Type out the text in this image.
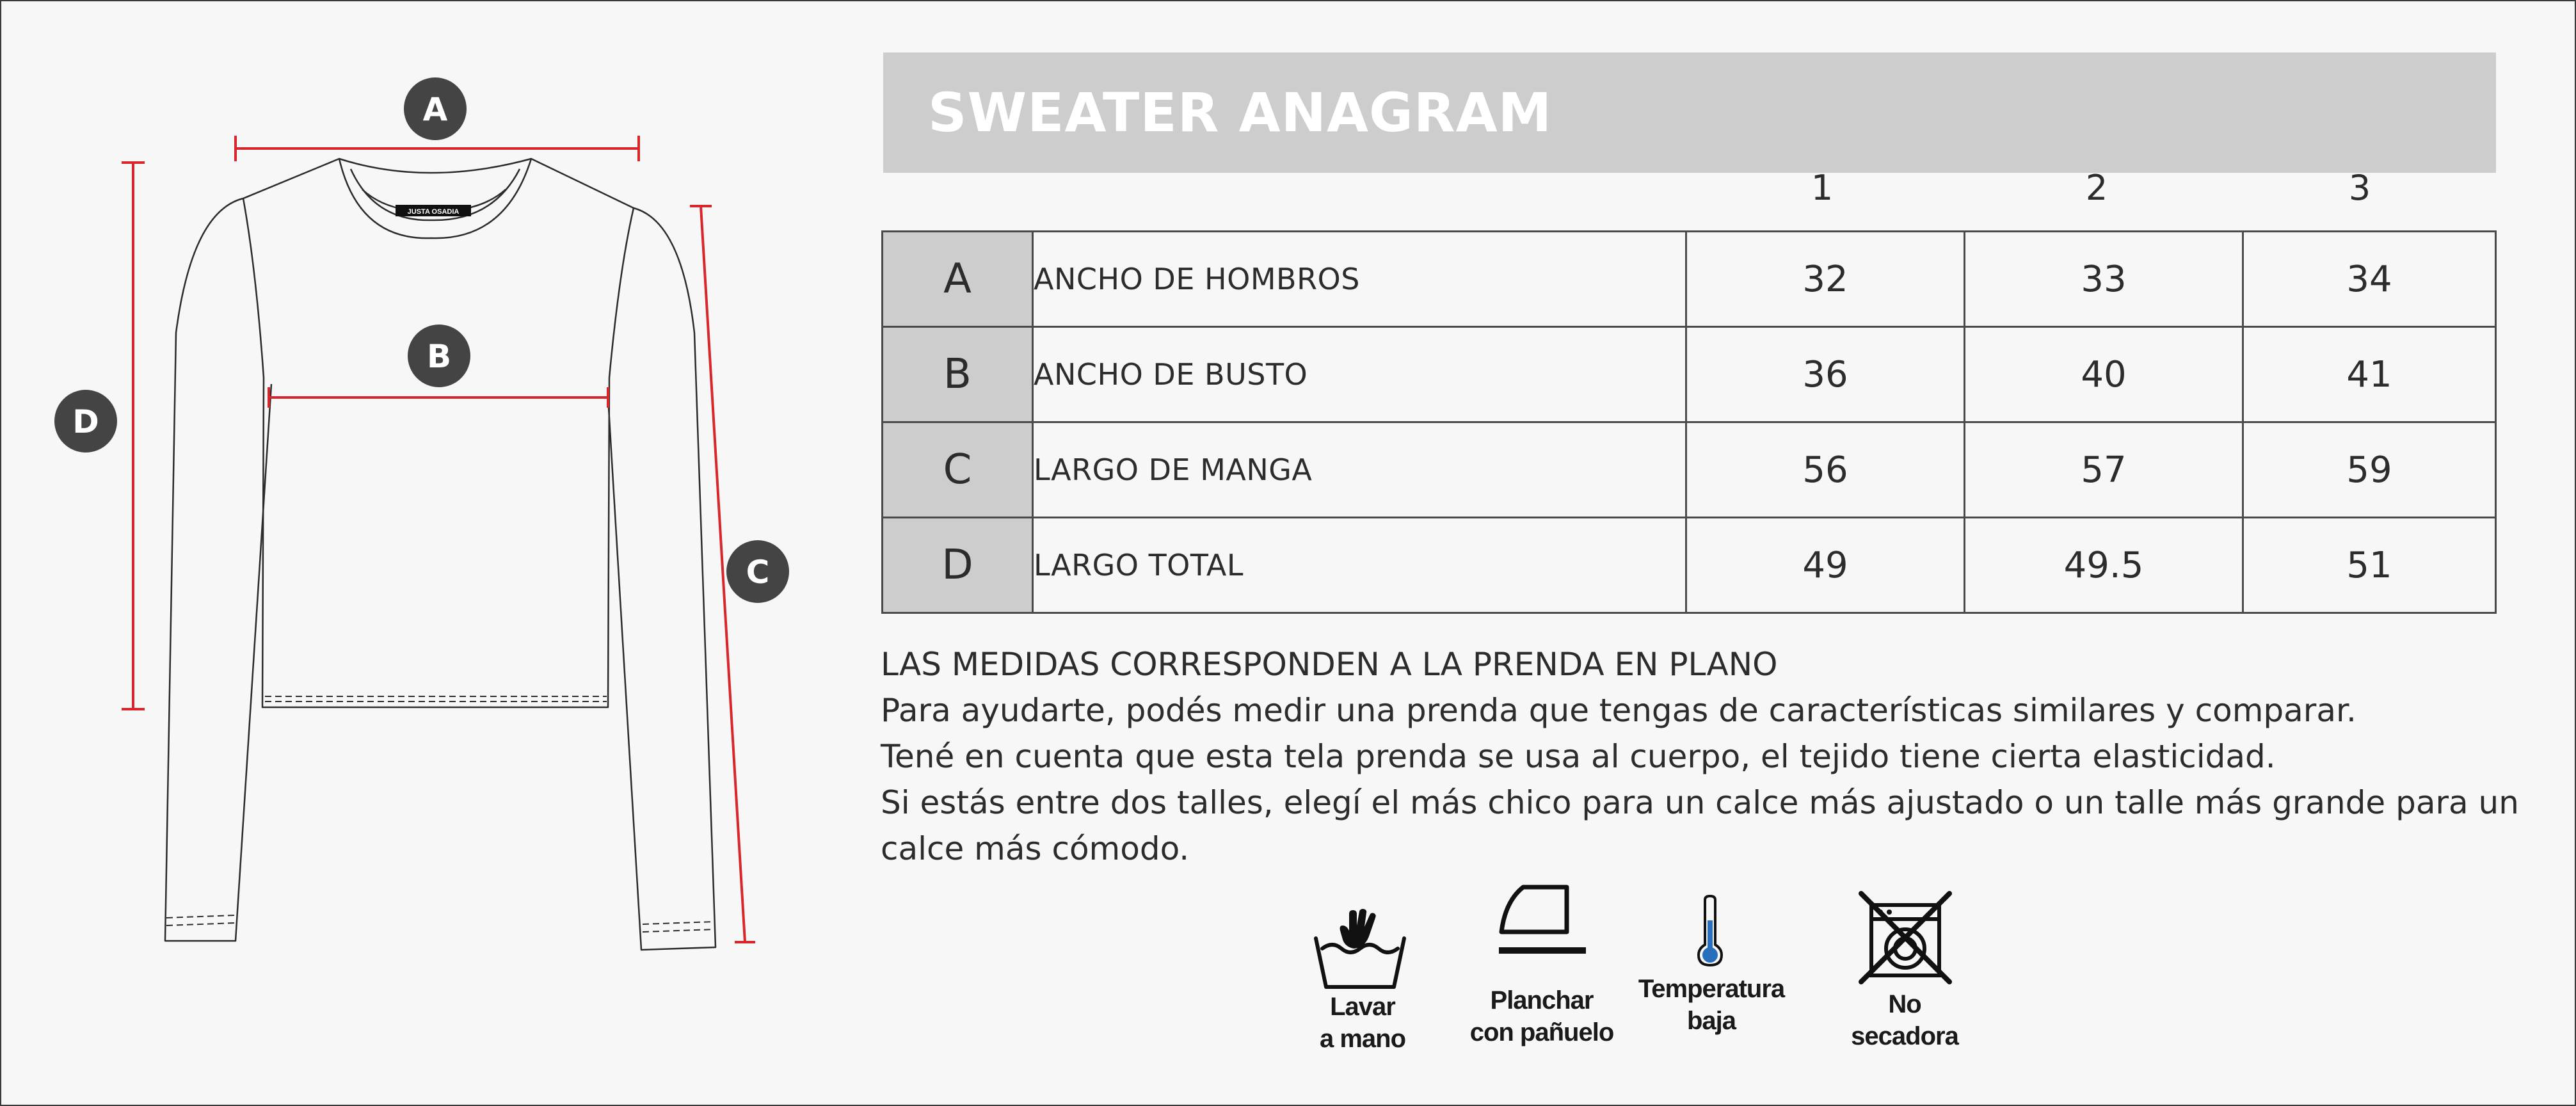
JUSTA OSADIA
A
B
D
C
SWEATER ANAGRAM
1	2	3
A	ANCHO DE HOMBROS	32	33	34
B	ANCHO DE BUSTO	36	40	41
C	LARGO DE MANGA	56	57	59
D	LARGO TOTAL	49	49.5	51
LAS MEDIDAS CORRESPONDEN A LA PRENDA EN PLANO
Para ayudarte, podés medir una prenda que tengas de características similares y comparar.
Tené en cuenta que esta tela prenda se usa al cuerpo, el tejido tiene cierta elasticidad.
Si estás entre dos talles, elegí el más chico para un calce más ajustado o un talle más grande para un
calce más cómodo.
Lavar
a mano
Planchar
con pañuelo
Temperatura
baja
No
secadora
